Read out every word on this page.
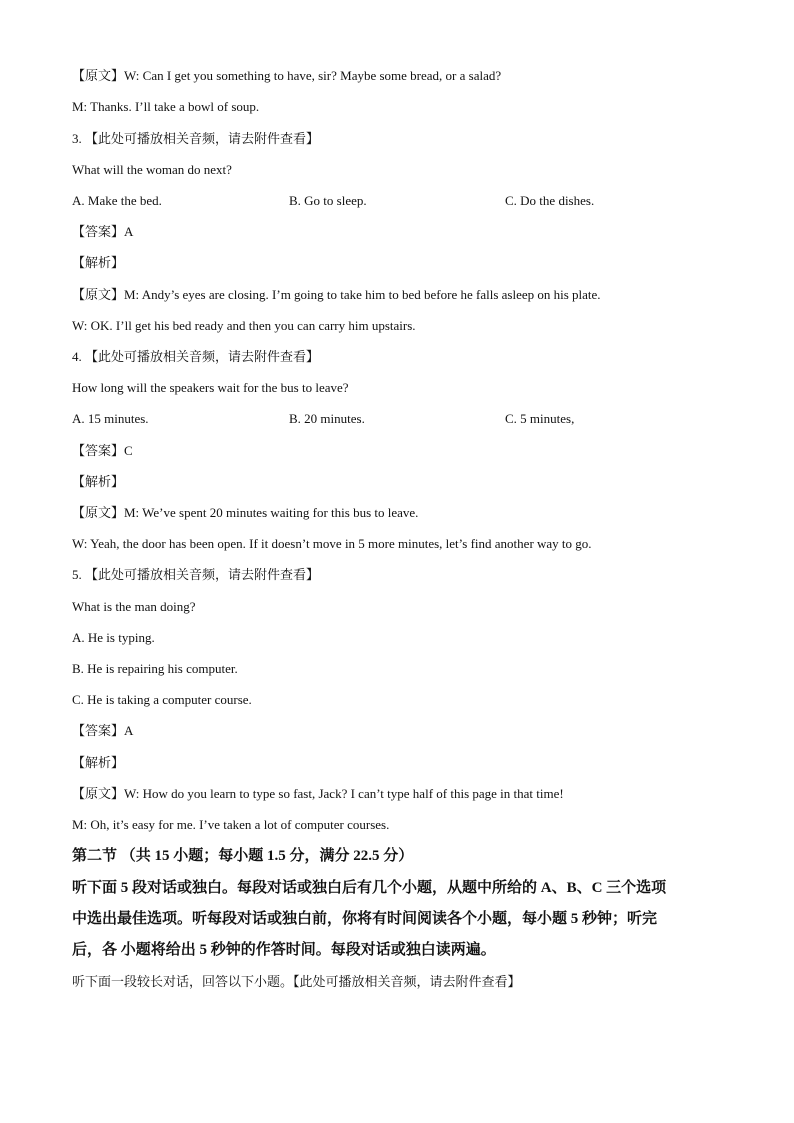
【原文】W: Can I get you something to have, sir? Maybe some bread, or a salad?
M: Thanks. I’ll take a bowl of soup.
3. 【此处可播放相关音频，请去附件查看】
What will the woman do next?
A. Make the bed.	B. Go to sleep.	C. Do the dishes.
【答案】A
【解析】
【原文】M: Andy’s eyes are closing. I’m going to take him to bed before he falls asleep on his plate.
W: OK. I’ll get his bed ready and then you can carry him upstairs.
4. 【此处可播放相关音频，请去附件查看】
How long will the speakers wait for the bus to leave?
A. 15 minutes.	B. 20 minutes.	C. 5 minutes,
【答案】C
【解析】
【原文】M: We’ve spent 20 minutes waiting for this bus to leave.
W: Yeah, the door has been open. If it doesn’t move in 5 more minutes, let’s find another way to go.
5. 【此处可播放相关音频，请去附件查看】
What is the man doing?
A. He is typing.
B. He is repairing his computer.
C. He is taking a computer course.
【答案】A
【解析】
【原文】W: How do you learn to type so fast, Jack? I can’t type half of this page in that time!
M: Oh, it’s easy for me. I’ve taken a lot of computer courses.
第二节 （共 15 小题；每小题 1.5 分，满分 22.5 分）
听下面 5 段对话或独白。每段对话或独白后有几个小题，从题中所给的 A、B、C 三个选项
中选出最佳选项。听每段对话或独白前，你将有时间阅读各个小题，每小题 5 秒钟；听完
后，各 小题将给出 5 秒钟的作答时间。每段对话或独白读两遍。
听下面一段较长对话，回答以下小题。【此处可播放相关音频，请去附件查看】
